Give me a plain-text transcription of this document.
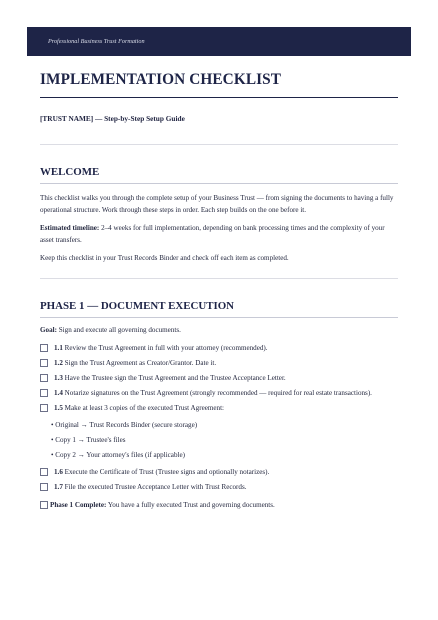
Professional Business Trust Formation
IMPLEMENTATION CHECKLIST
[TRUST NAME] — Step-by-Step Setup Guide
WELCOME

This checklist walks you through the complete setup of your Business Trust — from signing the documents to having a fully operational structure. Work through these steps in order. Each step builds on the one before it.

Estimated timeline: 2–4 weeks for full implementation, depending on bank processing times and the complexity of your asset transfers.

Keep this checklist in your Trust Records Binder and check off each item as completed.

PHASE 1 — DOCUMENT EXECUTION

Goal: Sign and execute all governing documents.

1.1 Review the Trust Agreement in full with your attorney (recommended).
1.2 Sign the Trust Agreement as Creator/Grantor. Date it.
1.3 Have the Trustee sign the Trust Agreement and the Trustee Acceptance Letter.
1.4 Notarize signatures on the Trust Agreement (strongly recommended — required for real estate transactions).
1.5 Make at least 3 copies of the executed Trust Agreement:
• Original → Trust Records Binder (secure storage)
• Copy 1 → Trustee's files
• Copy 2 → Your attorney's files (if applicable)
1.6 Execute the Certificate of Trust (Trustee signs and optionally notarizes).
1.7 File the executed Trustee Acceptance Letter with Trust Records.
Phase 1 Complete: You have a fully executed Trust and governing documents.
